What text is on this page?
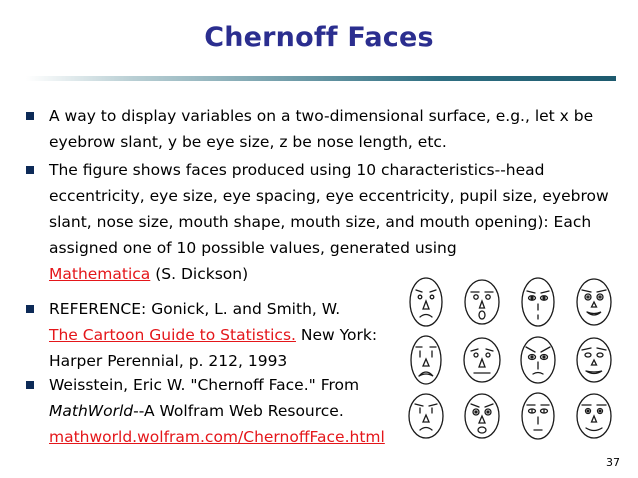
Chernoff Faces
A way to display variables on a two-dimensional surface, e.g., let x be eyebrow slant, y be eye size, z be nose length, etc.
The figure shows faces produced using 10 characteristics--head eccentricity, eye size, eye spacing, eye eccentricity, pupil size, eyebrow slant, nose size, mouth shape, mouth size, and mouth opening): Each assigned one of 10 possible values, generated using
Mathematica (S. Dickson)
REFERENCE: Gonick, L. and Smith, W.
The Cartoon Guide to Statistics. New York:
Harper Perennial, p. 212, 1993
Weisstein, Eric W. "Chernoff Face." From
MathWorld--A Wolfram Web Resource.
mathworld.wolfram.com/ChernoffFace.html
37
